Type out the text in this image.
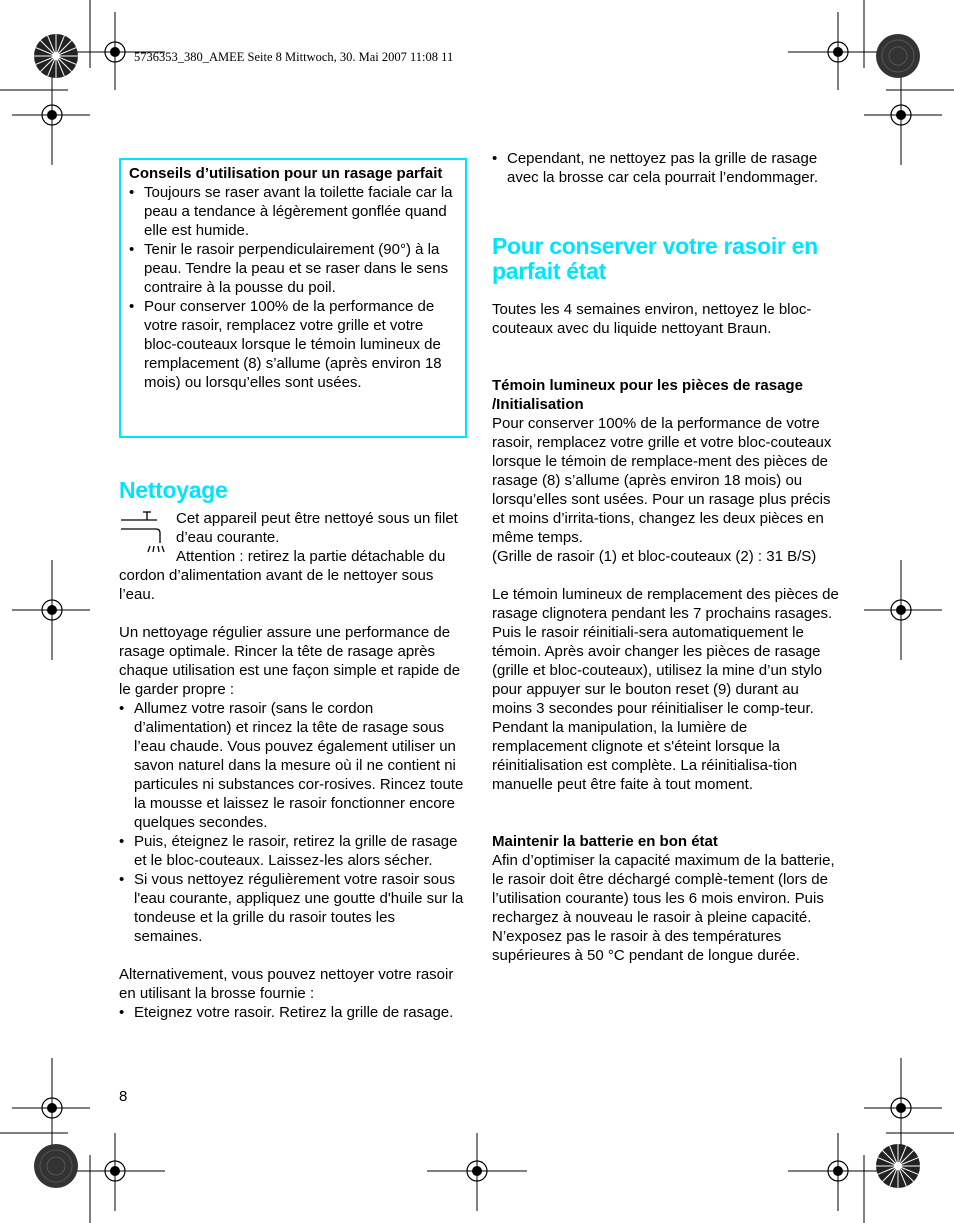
5736353_380_AMEE Seite 8 Mittwoch, 30. Mai 2007 11:08 11
Conseils d’utilisation pour un rasage parfait
• Toujours se raser avant la toilette faciale car la peau a tendance à légèrement gonflée quand elle est humide.
• Tenir le rasoir perpendiculairement (90°) à la peau. Tendre la peau et se raser dans le sens contraire à la pousse du poil.
• Pour conserver 100% de la performance de votre rasoir, remplacez votre grille et votre bloc-couteaux lorsque le témoin lumineux de remplacement (8) s’allume (après environ 18 mois) ou lorsqu’elles sont usées.
Nettoyage

Cet appareil peut être nettoyé sous un filet d’eau courante.

Attention : retirez la partie détachable du cordon d’alimentation avant de le nettoyer sous l’eau.

Un nettoyage régulier assure une performance de rasage optimale. Rincer la tête de rasage après chaque utilisation est une façon simple et rapide de le garder propre :

• Allumez votre rasoir (sans le cordon d’alimentation) et rincez la tête de rasage sous l’eau chaude. Vous pouvez également utiliser un savon naturel dans la mesure où il ne contient ni particules ni substances cor-rosives. Rincez toute la mousse et laissez le rasoir fonctionner encore quelques secondes.
• Puis, éteignez le rasoir, retirez la grille de rasage et le bloc-couteaux. Laissez-les alors sécher.
• Si vous nettoyez régulièrement votre rasoir sous l'eau courante, appliquez une goutte d'huile sur la tondeuse et la grille du rasoir toutes les semaines.

Alternativement, vous pouvez nettoyer votre rasoir en utilisant la brosse fournie :

• Eteignez votre rasoir. Retirez la grille de rasage.
• Cependant, ne nettoyez pas la grille de rasage avec la brosse car cela pourrait l’endommager.
Pour conserver votre rasoir en parfait état

Toutes les 4 semaines environ, nettoyez le bloc-couteaux avec du liquide nettoyant Braun.

Témoin lumineux pour les pièces de rasage /Initialisation

Pour conserver 100% de la performance de votre rasoir, remplacez votre grille et votre bloc-couteaux lorsque le témoin de remplace-ment des pièces de rasage (8) s’allume (après environ 18 mois) ou lorsqu’elles sont usées. Pour un rasage plus précis et moins d’irrita-tions, changez les deux pièces en même temps.

(Grille de rasoir (1) et bloc-couteaux (2) : 31 B/S)

Le témoin lumineux de remplacement des pièces de rasage clignotera pendant les 7 prochains rasages. Puis le rasoir réinitiali-sera automatiquement le témoin. Après avoir changer les pièces de rasage (grille et bloc-couteaux), utilisez la mine d’un stylo pour appuyer sur le bouton reset (9) durant au moins 3 secondes pour réinitialiser le comp-teur. Pendant la manipulation, la lumière de remplacement clignote et s'éteint lorsque la réinitialisation est complète. La réinitialisa-tion manuelle peut être faite à tout moment.

Maintenir la batterie en bon état

Afin d’optimiser la capacité maximum de la batterie, le rasoir doit être déchargé complè-tement (lors de l’utilisation courante) tous les 6 mois environ. Puis rechargez à nouveau le rasoir à pleine capacité. N’exposez pas le rasoir à des températures supérieures à 50 °C pendant de longue durée.

8
